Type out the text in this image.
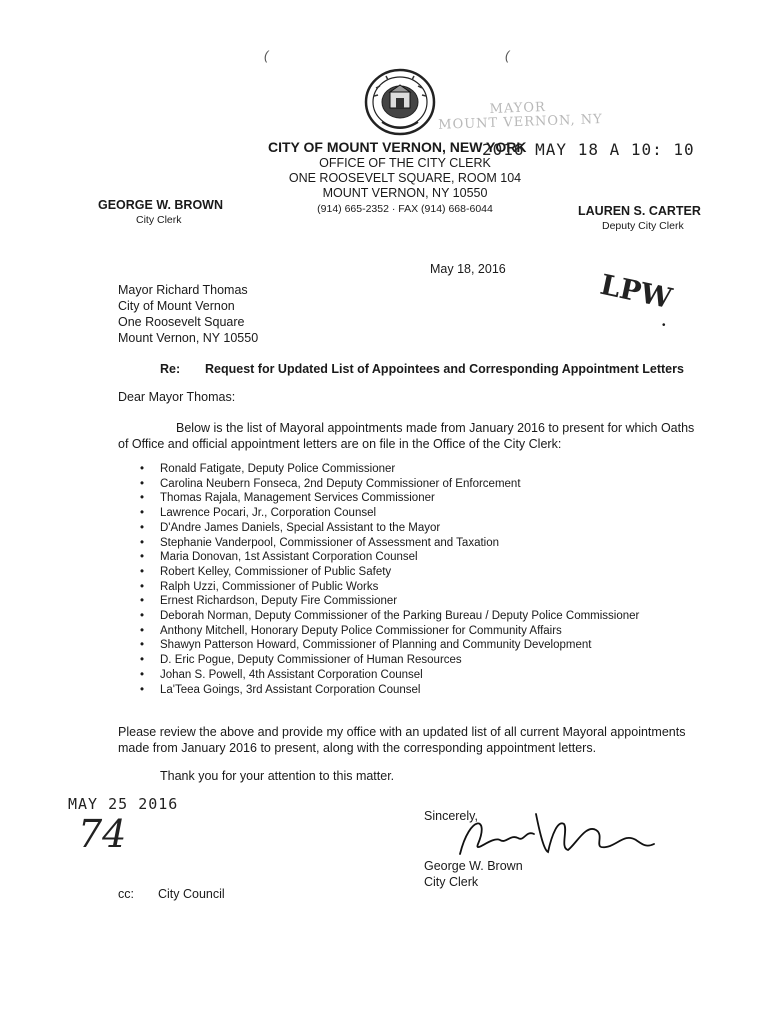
(	(
MAYOR
MOUNT VERNON, NY
CITY OF MOUNT VERNON, NEW YORK
2016 MAY 18 A 10: 10
OFFICE OF THE CITY CLERK
ONE ROOSEVELT SQUARE, ROOM 104
MOUNT VERNON, NY 10550
(914) 665-2352 · FAX (914) 668-6044
GEORGE W. BROWN
City Clerk
LAUREN S. CARTER
Deputy City Clerk
May 18, 2016	LPW
•
Mayor Richard Thomas
City of Mount Vernon
One Roosevelt Square
Mount Vernon, NY 10550
Re: Request for Updated List of Appointees and Corresponding Appointment Letters
Dear Mayor Thomas:
Below is the list of Mayoral appointments made from January 2016 to present for which Oaths
of Office and official appointment letters are on file in the Office of the City Clerk:
• Ronald Fatigate, Deputy Police Commissioner
• Carolina Neubern Fonseca, 2nd Deputy Commissioner of Enforcement
• Thomas Rajala, Management Services Commissioner
• Lawrence Pocari, Jr., Corporation Counsel
• D'Andre James Daniels, Special Assistant to the Mayor
• Stephanie Vanderpool, Commissioner of Assessment and Taxation
• Maria Donovan, 1st Assistant Corporation Counsel
• Robert Kelley, Commissioner of Public Safety
• Ralph Uzzi, Commissioner of Public Works
• Ernest Richardson, Deputy Fire Commissioner
• Deborah Norman, Deputy Commissioner of the Parking Bureau / Deputy Police Commissioner
• Anthony Mitchell, Honorary Deputy Police Commissioner for Community Affairs
• Shawyn Patterson Howard, Commissioner of Planning and Community Development
• D. Eric Pogue, Deputy Commissioner of Human Resources
• Johan S. Powell, 4th Assistant Corporation Counsel
• La'Teea Goings, 3rd Assistant Corporation Counsel
Please review the above and provide my office with an updated list of all current Mayoral appointments
made from January 2016 to present, along with the corresponding appointment letters.
Thank you for your attention to this matter.
MAY 25 2016
74	Sincerely,
George W. Brown
City Clerk
cc: City Council
